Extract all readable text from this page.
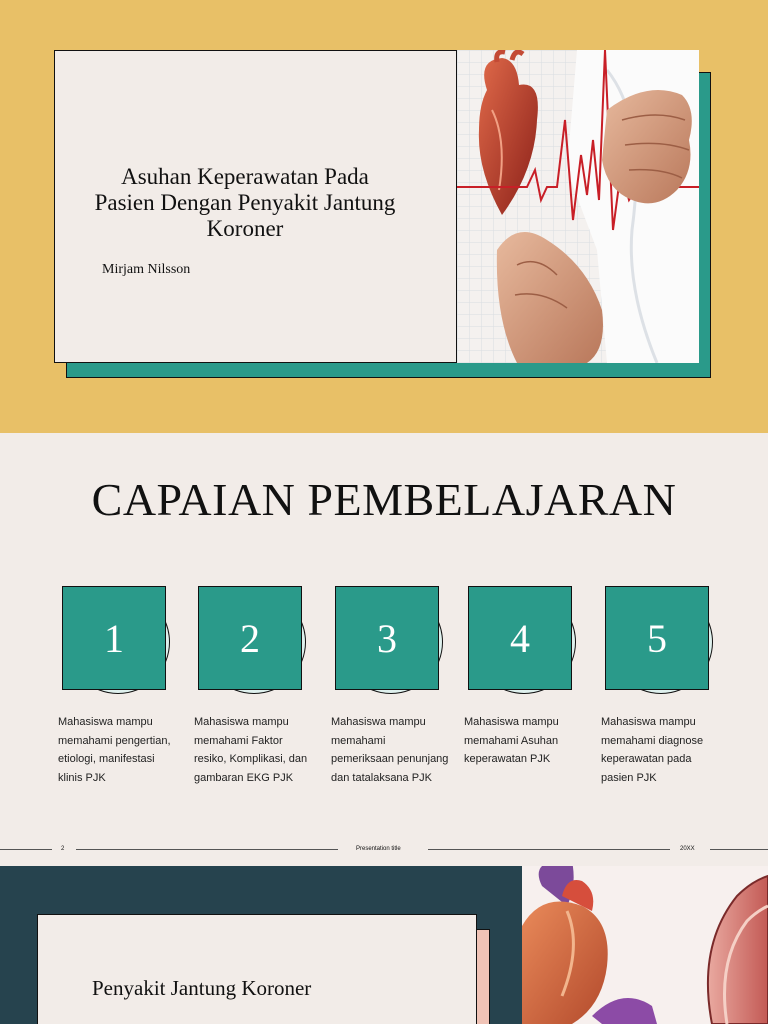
Asuhan Keperawatan Pada Pasien Dengan Penyakit Jantung Koroner
Mirjam Nilsson
CAPAIAN PEMBELAJARAN
1	2	3	4	5
Mahasiswa mampu memahami pengertian, etiologi, manifestasi klinis PJK
Mahasiswa mampu memahami Faktor resiko, Komplikasi, dan gambaran EKG PJK
Mahasiswa mampu memahami pemeriksaan penunjang dan tatalaksana PJK
Mahasiswa mampu memahami Asuhan keperawatan PJK
Mahasiswa mampu memahami diagnose keperawatan pada pasien PJK
2	Presentation title	20XX
Penyakit Jantung Koroner
